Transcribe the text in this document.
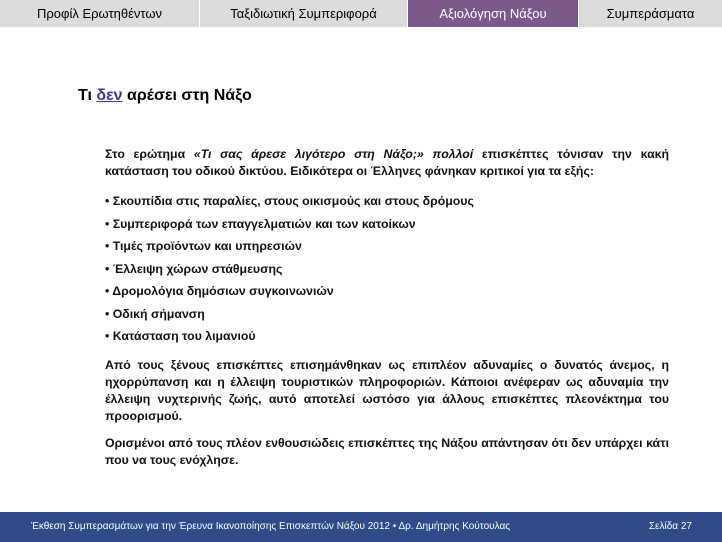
Προφίλ Ερωτηθέντων	Ταξιδιωτική Συμπεριφορά	Αξιολόγηση Νάξου	Συμπεράσματα
Τι δεν αρέσει στη Νάξο

Στο ερώτημα «Τι σας άρεσε λιγότερο στη Νάξο;» πολλοί επισκέπτες τόνισαν την κακή κατάσταση του οδικού δικτύου. Ειδικότερα οι Έλληνες φάνηκαν κριτικοί για τα εξής:

• Σκουπίδια στις παραλίες, στους οικισμούς και στους δρόμους
• Συμπεριφορά των επαγγελματιών και των κατοίκων
• Τιμές προϊόντων και υπηρεσιών
• Έλλειψη χώρων στάθμευσης
• Δρομολόγια δημόσιων συγκοινωνιών
• Οδική σήμανση
• Κατάσταση του λιμανιού

Από τους ξένους επισκέπτες επισημάνθηκαν ως επιπλέον αδυναμίες ο δυνατός άνεμος, η ηχορρύπανση και η έλλειψη τουριστικών πληροφοριών. Κάποιοι ανέφεραν ως αδυναμία την έλλειψη νυχτερινής ζωής, αυτό αποτελεί ωστόσο για άλλους επισκέπτες πλεονέκτημα του προορισμού.

Ορισμένοι από τους πλέον ενθουσιώδεις επισκέπτες της Νάξου απάντησαν ότι δεν υπάρχει κάτι που να τους ενόχλησε.

Έκθεση Συμπερασμάτων για την Έρευνα Ικανοποίησης Επισκεπτών Νάξου 2012 • Δρ. Δημήτρης Κούτουλας	Σελίδα 27
